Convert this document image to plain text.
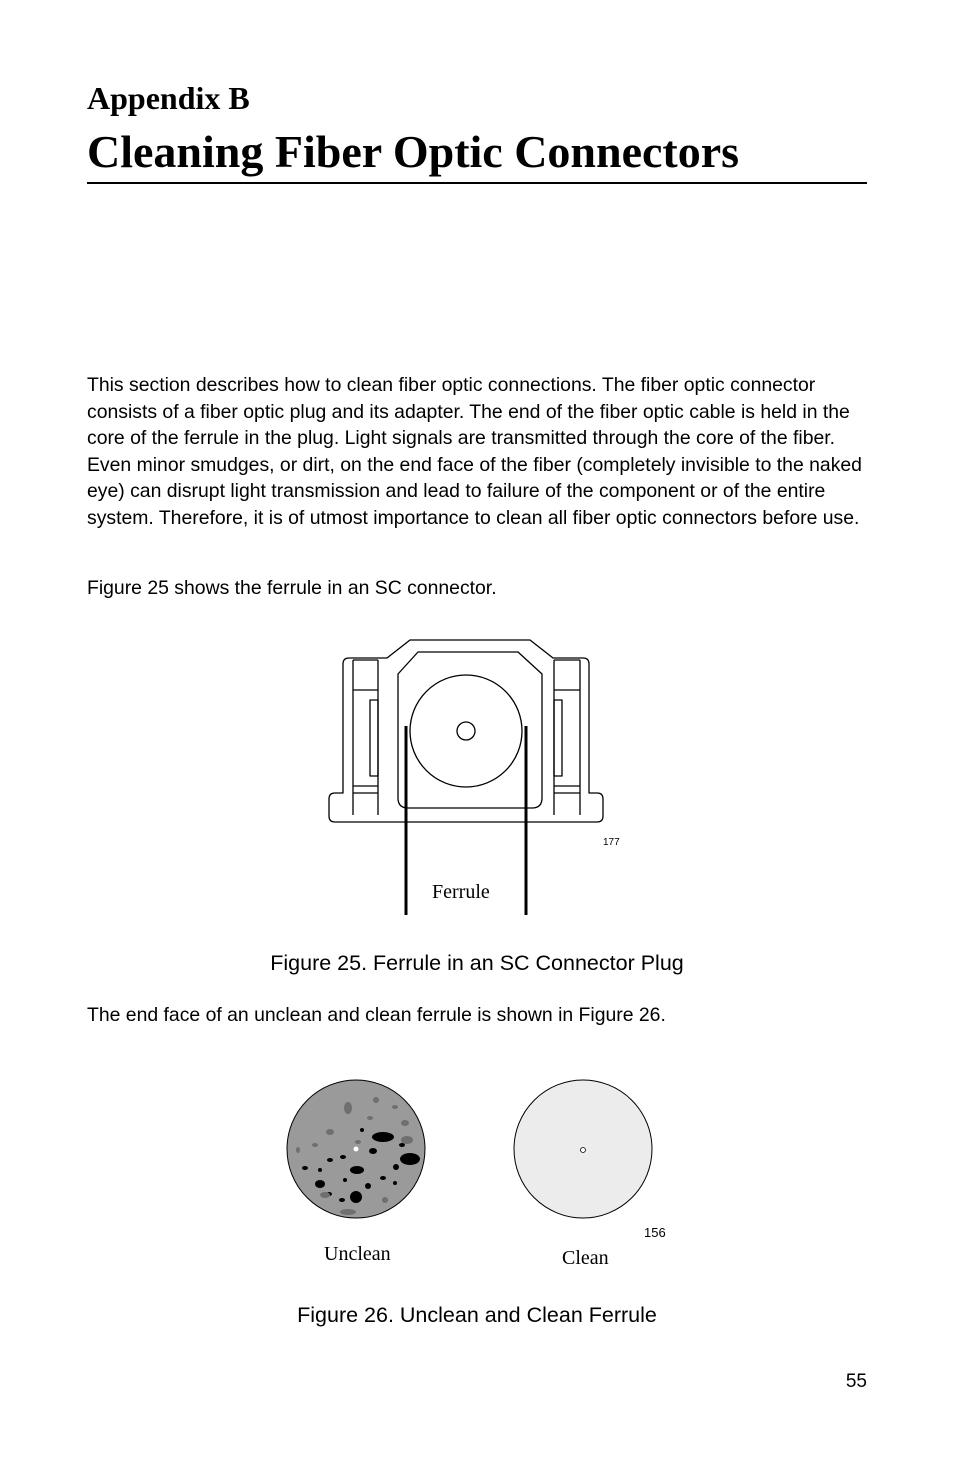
Appendix B
Cleaning Fiber Optic Connectors

This section describes how to clean fiber optic connections. The fiber optic connector consists of a fiber optic plug and its adapter. The end of the fiber optic cable is held in the core of the ferrule in the plug. Light signals are transmitted through the core of the fiber. Even minor smudges, or dirt, on the end face of the fiber (completely invisible to the naked eye) can disrupt light transmission and lead to failure of the component or of the entire system. Therefore, it is of utmost importance to clean all fiber optic connectors before use.

Figure 25 shows the ferrule in an SC connector.

177
Ferrule

Figure 25. Ferrule in an SC Connector Plug

The end face of an unclean and clean ferrule is shown in Figure 26.

156
Unclean	Clean

Figure 26. Unclean and Clean Ferrule

55
